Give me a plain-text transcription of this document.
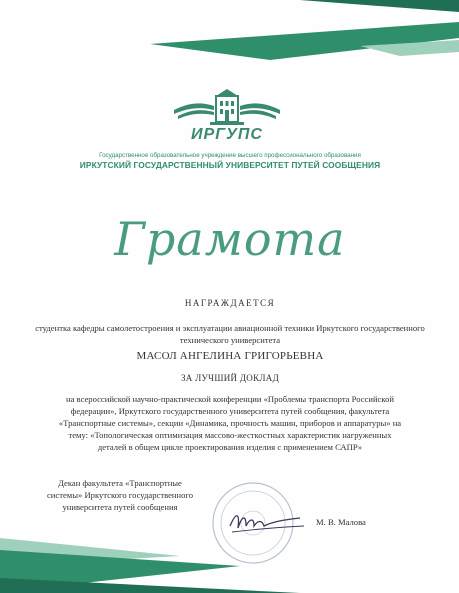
ИРГУПС
Государственное образовательное учреждение высшего профессионального образования
ИРКУТСКИЙ ГОСУДАРСТВЕННЫЙ УНИВЕРСИТЕТ ПУТЕЙ СООБЩЕНИЯ
Грамота
НАГРАЖДАЕТСЯ
студентка кафедры самолетостроения и эксплуатации авиационной техники Иркутского государственного технического университета
МАСОЛ АНГЕЛИНА ГРИГОРЬЕВНА
ЗА ЛУЧШИЙ ДОКЛАД
на всероссийской научно-практической конференции «Проблемы транспорта Российской федерации», Иркутского государственного университета путей сообщения, факультета «Транспортные системы», секции «Динамика, прочность машин, приборов и аппаратуры» на тему: «Топологическая оптимизация массово-жесткостных характеристик нагруженных деталей в общем цикле проектирования изделия с применением САПР»
Декан факультета «Транспортные системы» Иркутского государственного университета путей сообщения
М. В. Малова
